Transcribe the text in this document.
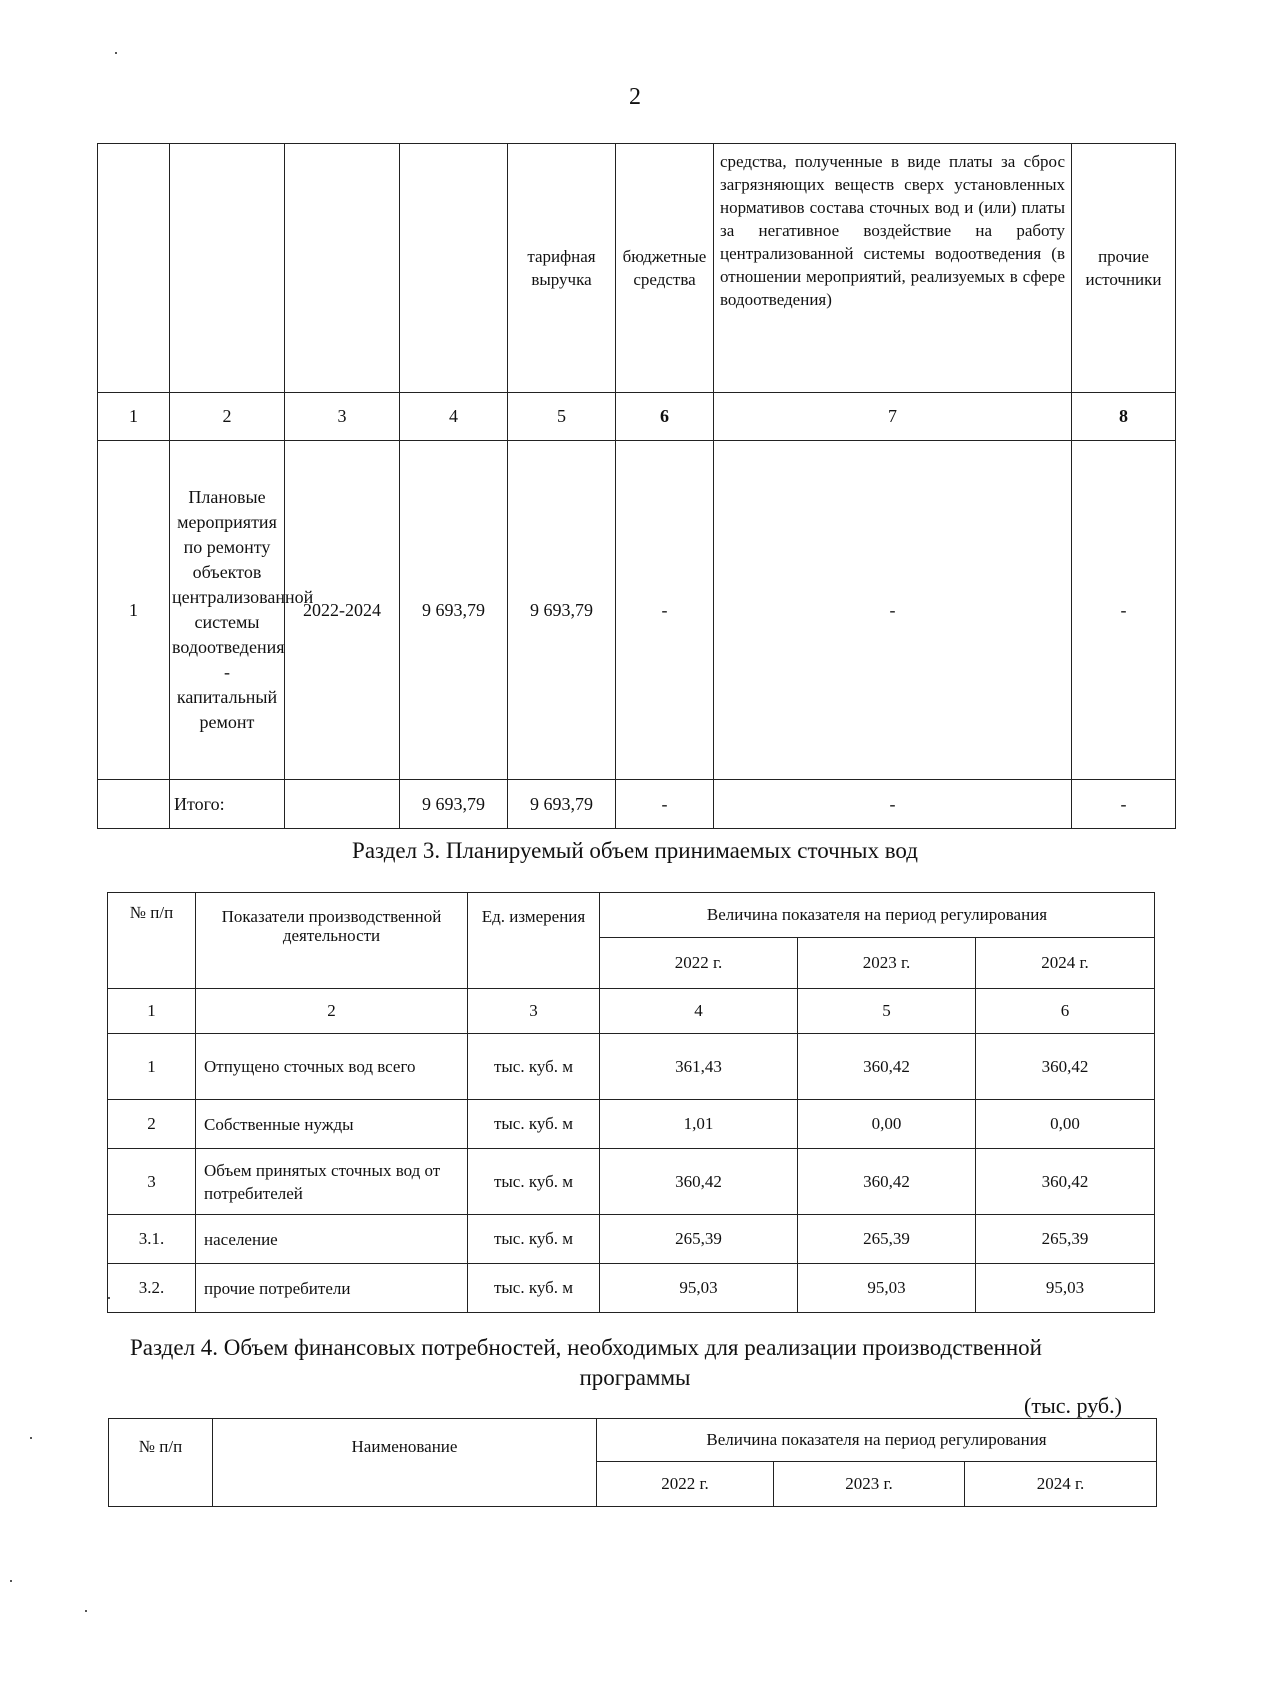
2
				тарифная выручка	бюджетные средства	средства, полученные в виде платы за сброс загрязняющих веществ сверх установленных нормативов состава сточных вод и (или) платы за негативное воздействие на работу централизованной системы водоотведения (в отношении мероприятий, реализуемых в сфере водоотведения)	прочие источники
1	2	3	4	5	6	7	8
1	Плановые мероприятия по ремонту объектов централизованной системы водоотведения - капитальный ремонт	2022-2024	9 693,79	9 693,79	-	-	-
	Итого:		9 693,79	9 693,79	-	-	-
Раздел 3. Планируемый объем принимаемых сточных вод
№ п/п	Показатели производственной деятельности	Ед. измерения	Величина показателя на период регулирования		
			2022 г.	2023 г.	2024 г.
1	2	3	4	5	6
1	Отпущено сточных вод всего	тыс. куб. м	361,43	360,42	360,42
2	Собственные нужды	тыс. куб. м	1,01	0,00	0,00
3	Объем принятых сточных вод от потребителей	тыс. куб. м	360,42	360,42	360,42
3.1.	население	тыс. куб. м	265,39	265,39	265,39
3.2.	прочие потребители	тыс. куб. м	95,03	95,03	95,03
Раздел 4. Объем финансовых потребностей, необходимых для реализации производственной
программы
(тыс. руб.)
№ п/п	Наименование	Величина показателя на период регулирования		
		2022 г.	2023 г.	2024 г.
